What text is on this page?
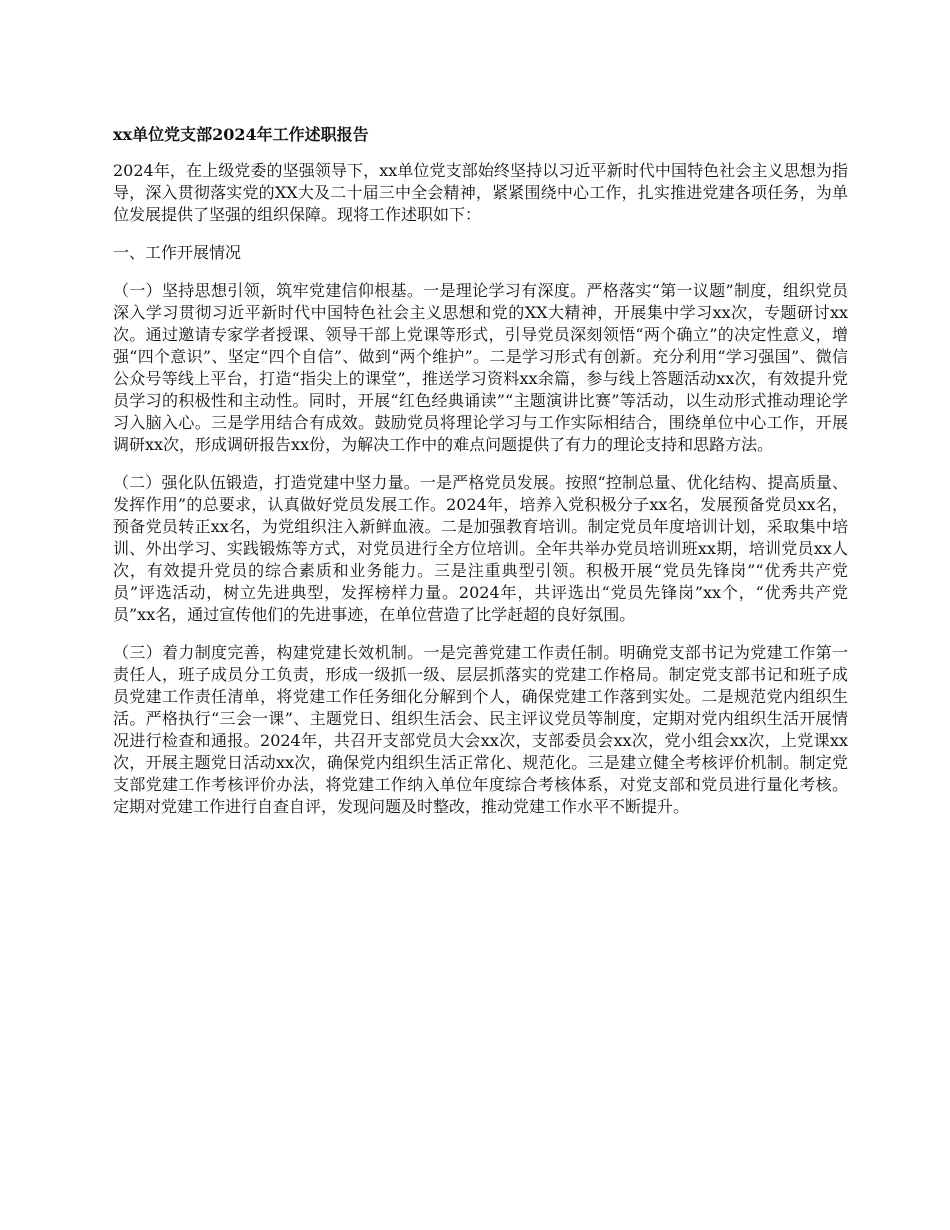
xx单位党支部2024年工作述职报告

2024年，在上级党委的坚强领导下，xx单位党支部始终坚持以习近平新时代中国特色社会主义思想为指导，深入贯彻落实党的XX大及二十届三中全会精神，紧紧围绕中心工作，扎实推进党建各项任务，为单位发展提供了坚强的组织保障。现将工作述职如下：

一、工作开展情况

（一）坚持思想引领，筑牢党建信仰根基。一是理论学习有深度。严格落实“第一议题”制度，组织党员深入学习贯彻习近平新时代中国特色社会主义思想和党的XX大精神，开展集中学习xx次，专题研讨xx次。通过邀请专家学者授课、领导干部上党课等形式，引导党员深刻领悟“两个确立”的决定性意义，增强“四个意识”、坚定“四个自信”、做到“两个维护”。二是学习形式有创新。充分利用“学习强国”、微信公众号等线上平台，打造“指尖上的课堂”，推送学习资料xx余篇，参与线上答题活动xx次，有效提升党员学习的积极性和主动性。同时，开展“红色经典诵读”“主题演讲比赛”等活动，以生动形式推动理论学习入脑入心。三是学用结合有成效。鼓励党员将理论学习与工作实际相结合，围绕单位中心工作，开展调研xx次，形成调研报告xx份，为解决工作中的难点问题提供了有力的理论支持和思路方法。

（二）强化队伍锻造，打造党建中坚力量。一是严格党员发展。按照“控制总量、优化结构、提高质量、发挥作用”的总要求，认真做好党员发展工作。2024年，培养入党积极分子xx名，发展预备党员xx名，预备党员转正xx名，为党组织注入新鲜血液。二是加强教育培训。制定党员年度培训计划，采取集中培训、外出学习、实践锻炼等方式，对党员进行全方位培训。全年共举办党员培训班xx期，培训党员xx人次，有效提升党员的综合素质和业务能力。三是注重典型引领。积极开展“党员先锋岗”“优秀共产党员”评选活动，树立先进典型，发挥榜样力量。2024年，共评选出“党员先锋岗”xx个，“优秀共产党员”xx名，通过宣传他们的先进事迹，在单位营造了比学赶超的良好氛围。

（三）着力制度完善，构建党建长效机制。一是完善党建工作责任制。明确党支部书记为党建工作第一责任人，班子成员分工负责，形成一级抓一级、层层抓落实的党建工作格局。制定党支部书记和班子成员党建工作责任清单，将党建工作任务细化分解到个人，确保党建工作落到实处。二是规范党内组织生活。严格执行“三会一课”、主题党日、组织生活会、民主评议党员等制度，定期对党内组织生活开展情况进行检查和通报。2024年，共召开支部党员大会xx次，支部委员会xx次，党小组会xx次，上党课xx次，开展主题党日活动xx次，确保党内组织生活正常化、规范化。三是建立健全考核评价机制。制定党支部党建工作考核评价办法，将党建工作纳入单位年度综合考核体系，对党支部和党员进行量化考核。定期对党建工作进行自查自评，发现问题及时整改，推动党建工作水平不断提升。
